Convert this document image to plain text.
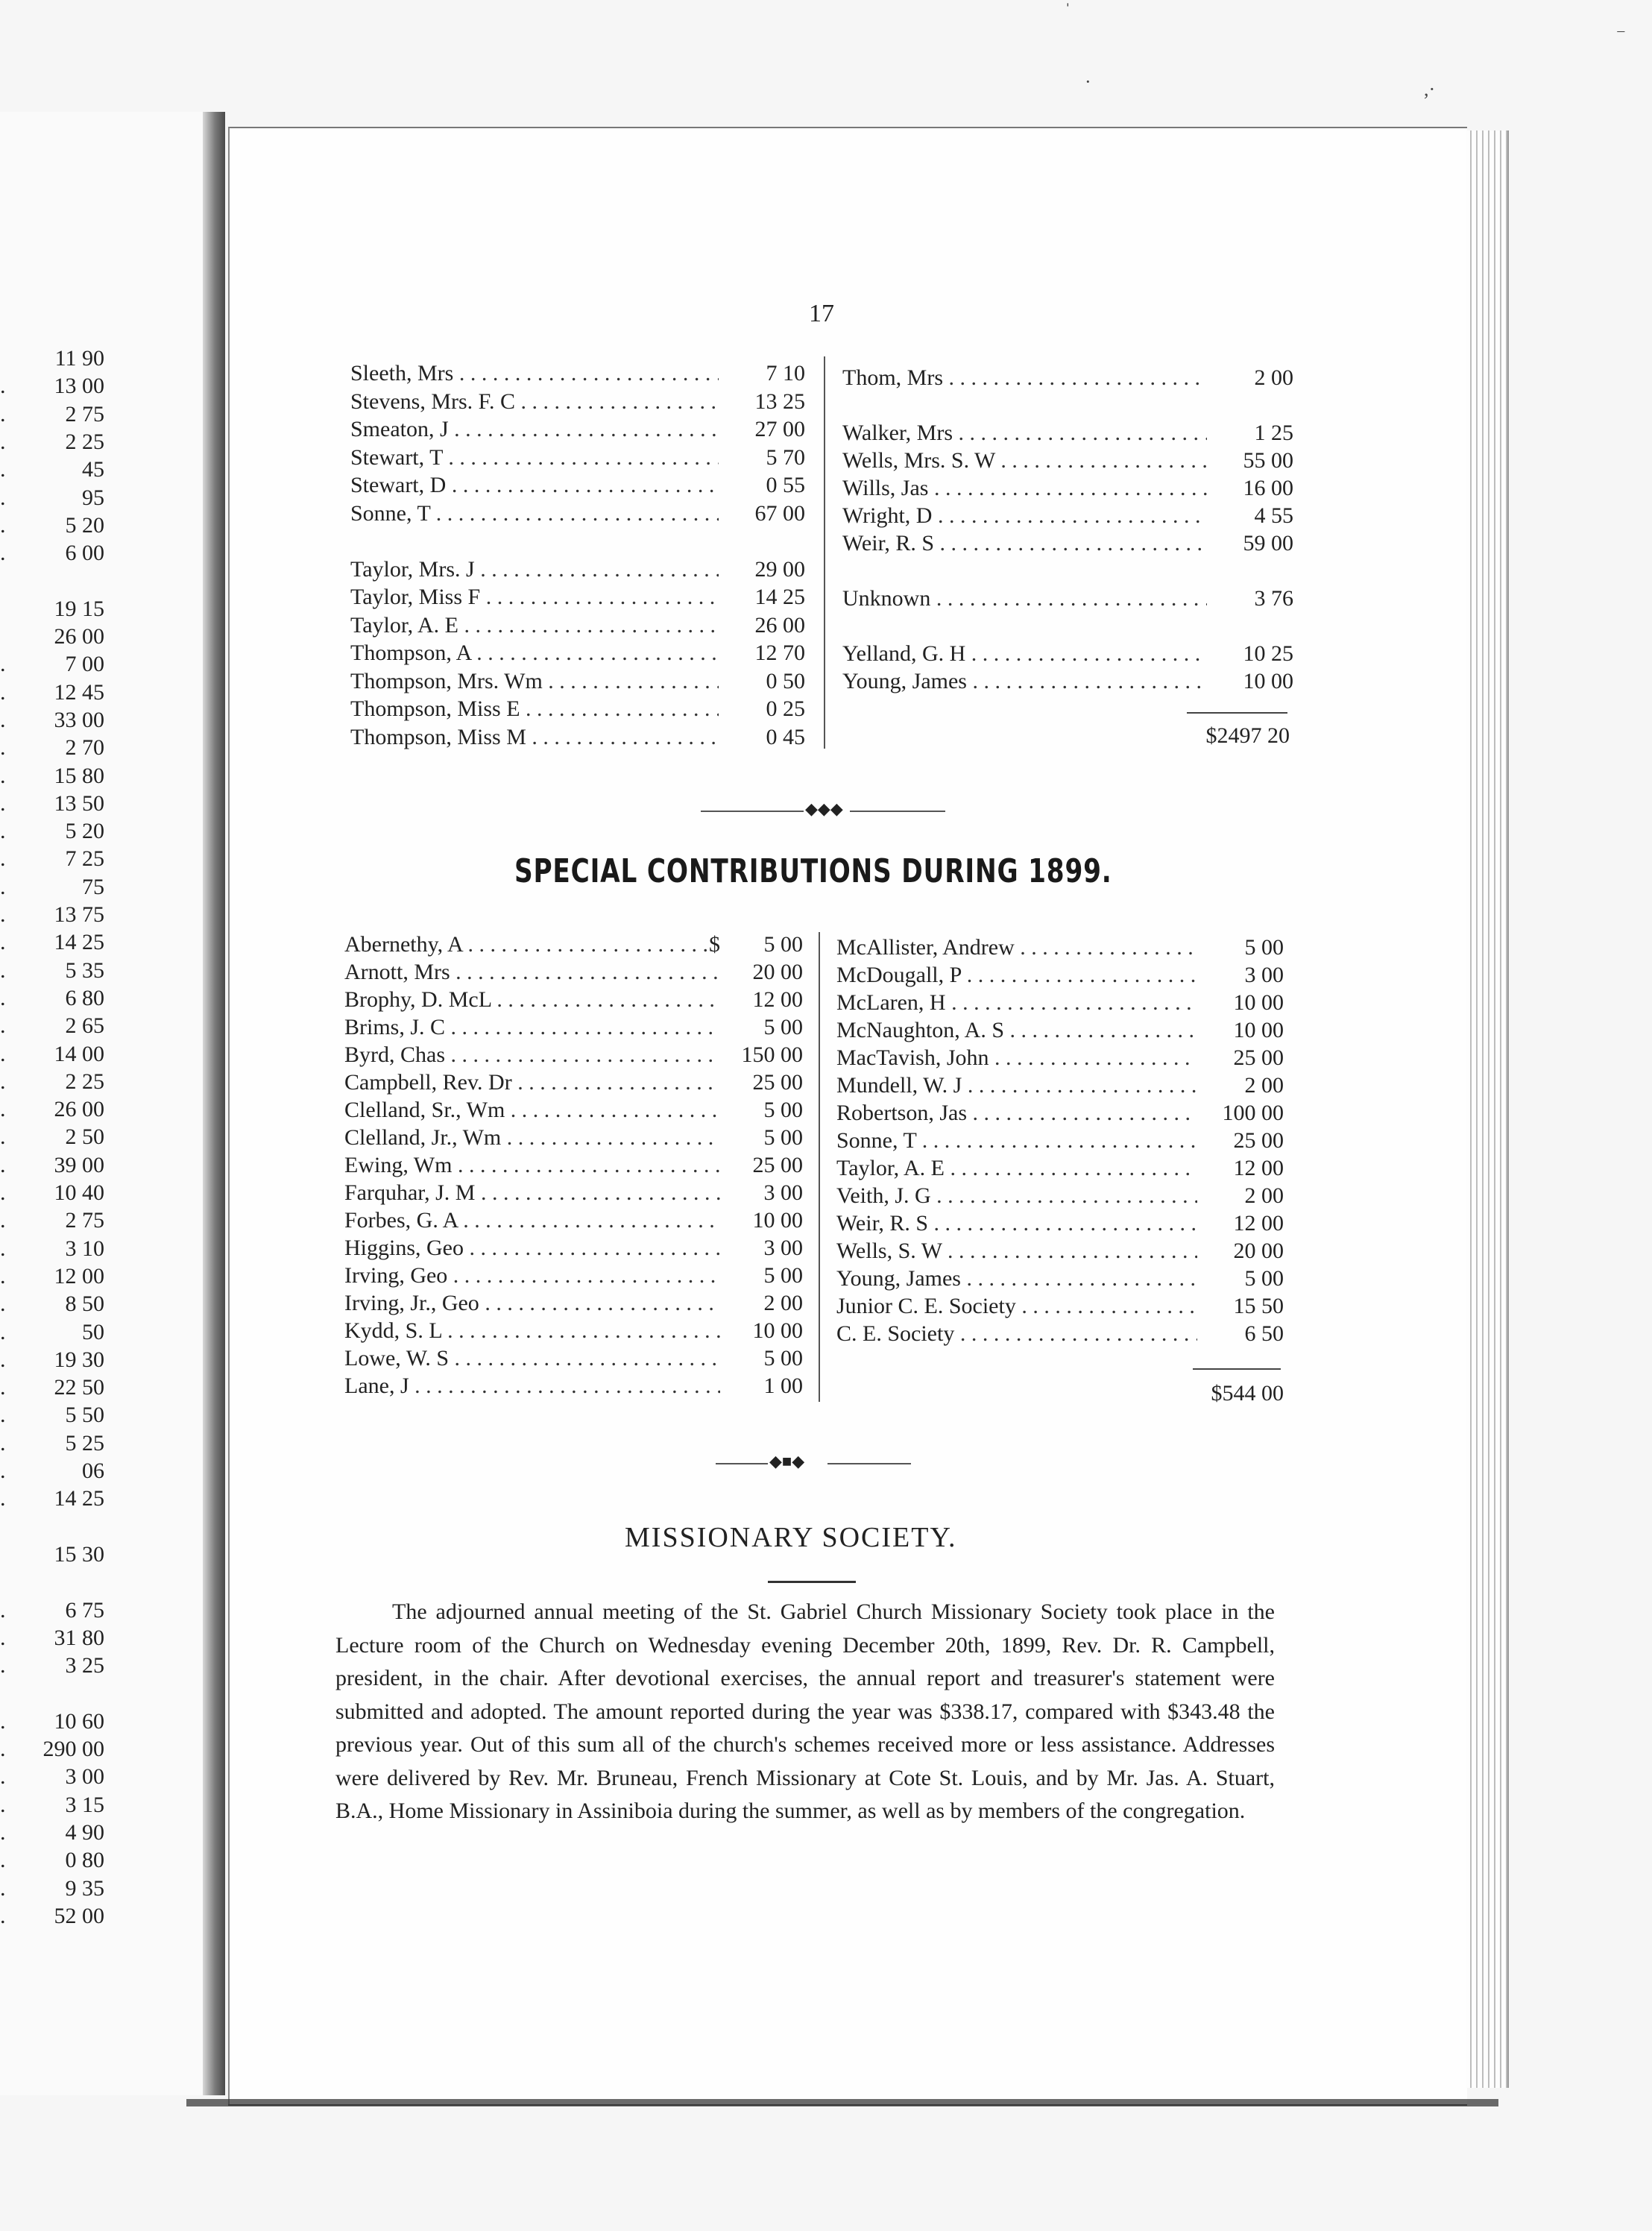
11 90
. 13 00
.	2 75
.	2 25
.	45
.	95
.	5 20
.	6 00
19 15
26 00
.	7 00
. 12 45
. 33 00
.	2 70
. 15 80
. 13 50
.	5 20
.	7 25
.	75
. 13 75
. 14 25
.	5 35
.	6 80
.	2 65
. 14 00
.	2 25
. 26 00
.	2 50
. 39 00
. 10 40
.	2 75
.	3 10
. 12 00
.	8 50
.	50
. 19 30
. 22 50
.	5 50
.	5 25
.	06
. 14 25
15 30
.	6 75
. 31 80
.	3 25
. 10 60
. 290 00
.	3 00
.	3 15
.	4 90
.	0 80
.	9 35
. 52 00
ˈ
·	,·
‾
17
Sleeth, Mrs . . .	7 10
Stevens, Mrs. F. C . . .	13 25
Smeaton, J . . .	27 00
Stewart, T . . .	5 70
Stewart, D . . .	0 55
Sonne, T . . .	67 00
Taylor, Mrs. J . . .	29 00
Taylor, Miss F . . .	14 25
Taylor, A. E . . .	26 00
Thompson, A . . .	12 70
Thompson, Mrs. Wm . . .	0 50
Thompson, Miss E . . .	0 25
Thompson, Miss M . . .	0 45
Thom, Mrs . . .	2 00
Walker, Mrs . . .	1 25
Wells, Mrs. S. W . . .	55 00
Wills, Jas . . .	16 00
Wright, D . . .	4 55
Weir, R. S . . .	59 00
Unknown . . .	3 76
Yelland, G. H . . .	10 25
Young, James . . .	10 00
$2497 20
◆◆◆
SPECIAL CONTRIBUTIONS DURING 1899.
Abernethy, A . . .	$	5 00
Arnott, Mrs . . .	20 00
Brophy, D. McL . . .	12 00
Brims, J. C . . .	5 00
Byrd, Chas . . .	150 00
Campbell, Rev. Dr . . .	25 00
Clelland, Sr., Wm . . .	5 00
Clelland, Jr., Wm . . .	5 00
Ewing, Wm . . .	25 00
Farquhar, J. M . . .	3 00
Forbes, G. A . . .	10 00
Higgins, Geo . . .	3 00
Irving, Geo . . .	5 00
Irving, Jr., Geo . . .	2 00
Kydd, S. L . . .	10 00
Lowe, W. S . . .	5 00
Lane, J . . .	1 00
McAllister, Andrew . . .	5 00
McDougall, P . . .	3 00
McLaren, H . . .	10 00
McNaughton, A. S . . .	10 00
MacTavish, John . . .	25 00
Mundell, W. J . . .	2 00
Robertson, Jas . . .	100 00
Sonne, T . . .	25 00
Taylor, A. E . . .	12 00
Veith, J. G . . .	2 00
Weir, R. S . . .	12 00
Wells, S. W . . .	20 00
Young, James . . .	5 00
Junior C. E. Society . . .	15 50
C. E. Society . . .	6 50
$544 00
◆■◆
MISSIONARY SOCIETY.

The adjourned annual meeting of the St. Gabriel Church Missionary Society took place in the Lecture room of the Church on Wednesday evening December 20th, 1899, Rev. Dr. R. Campbell, president, in the chair. After devotional exercises, the annual report and treasurer's statement were submitted and adopted. The amount reported during the year was $338.17, compared with $343.48 the previous year. Out of this sum all of the church's schemes received more or less assistance. Addresses were delivered by Rev. Mr. Bruneau, French Missionary at Cote St. Louis, and by Mr. Jas. A. Stuart, B.A., Home Missionary in Assiniboia during the summer, as well as by members of the congregation.
